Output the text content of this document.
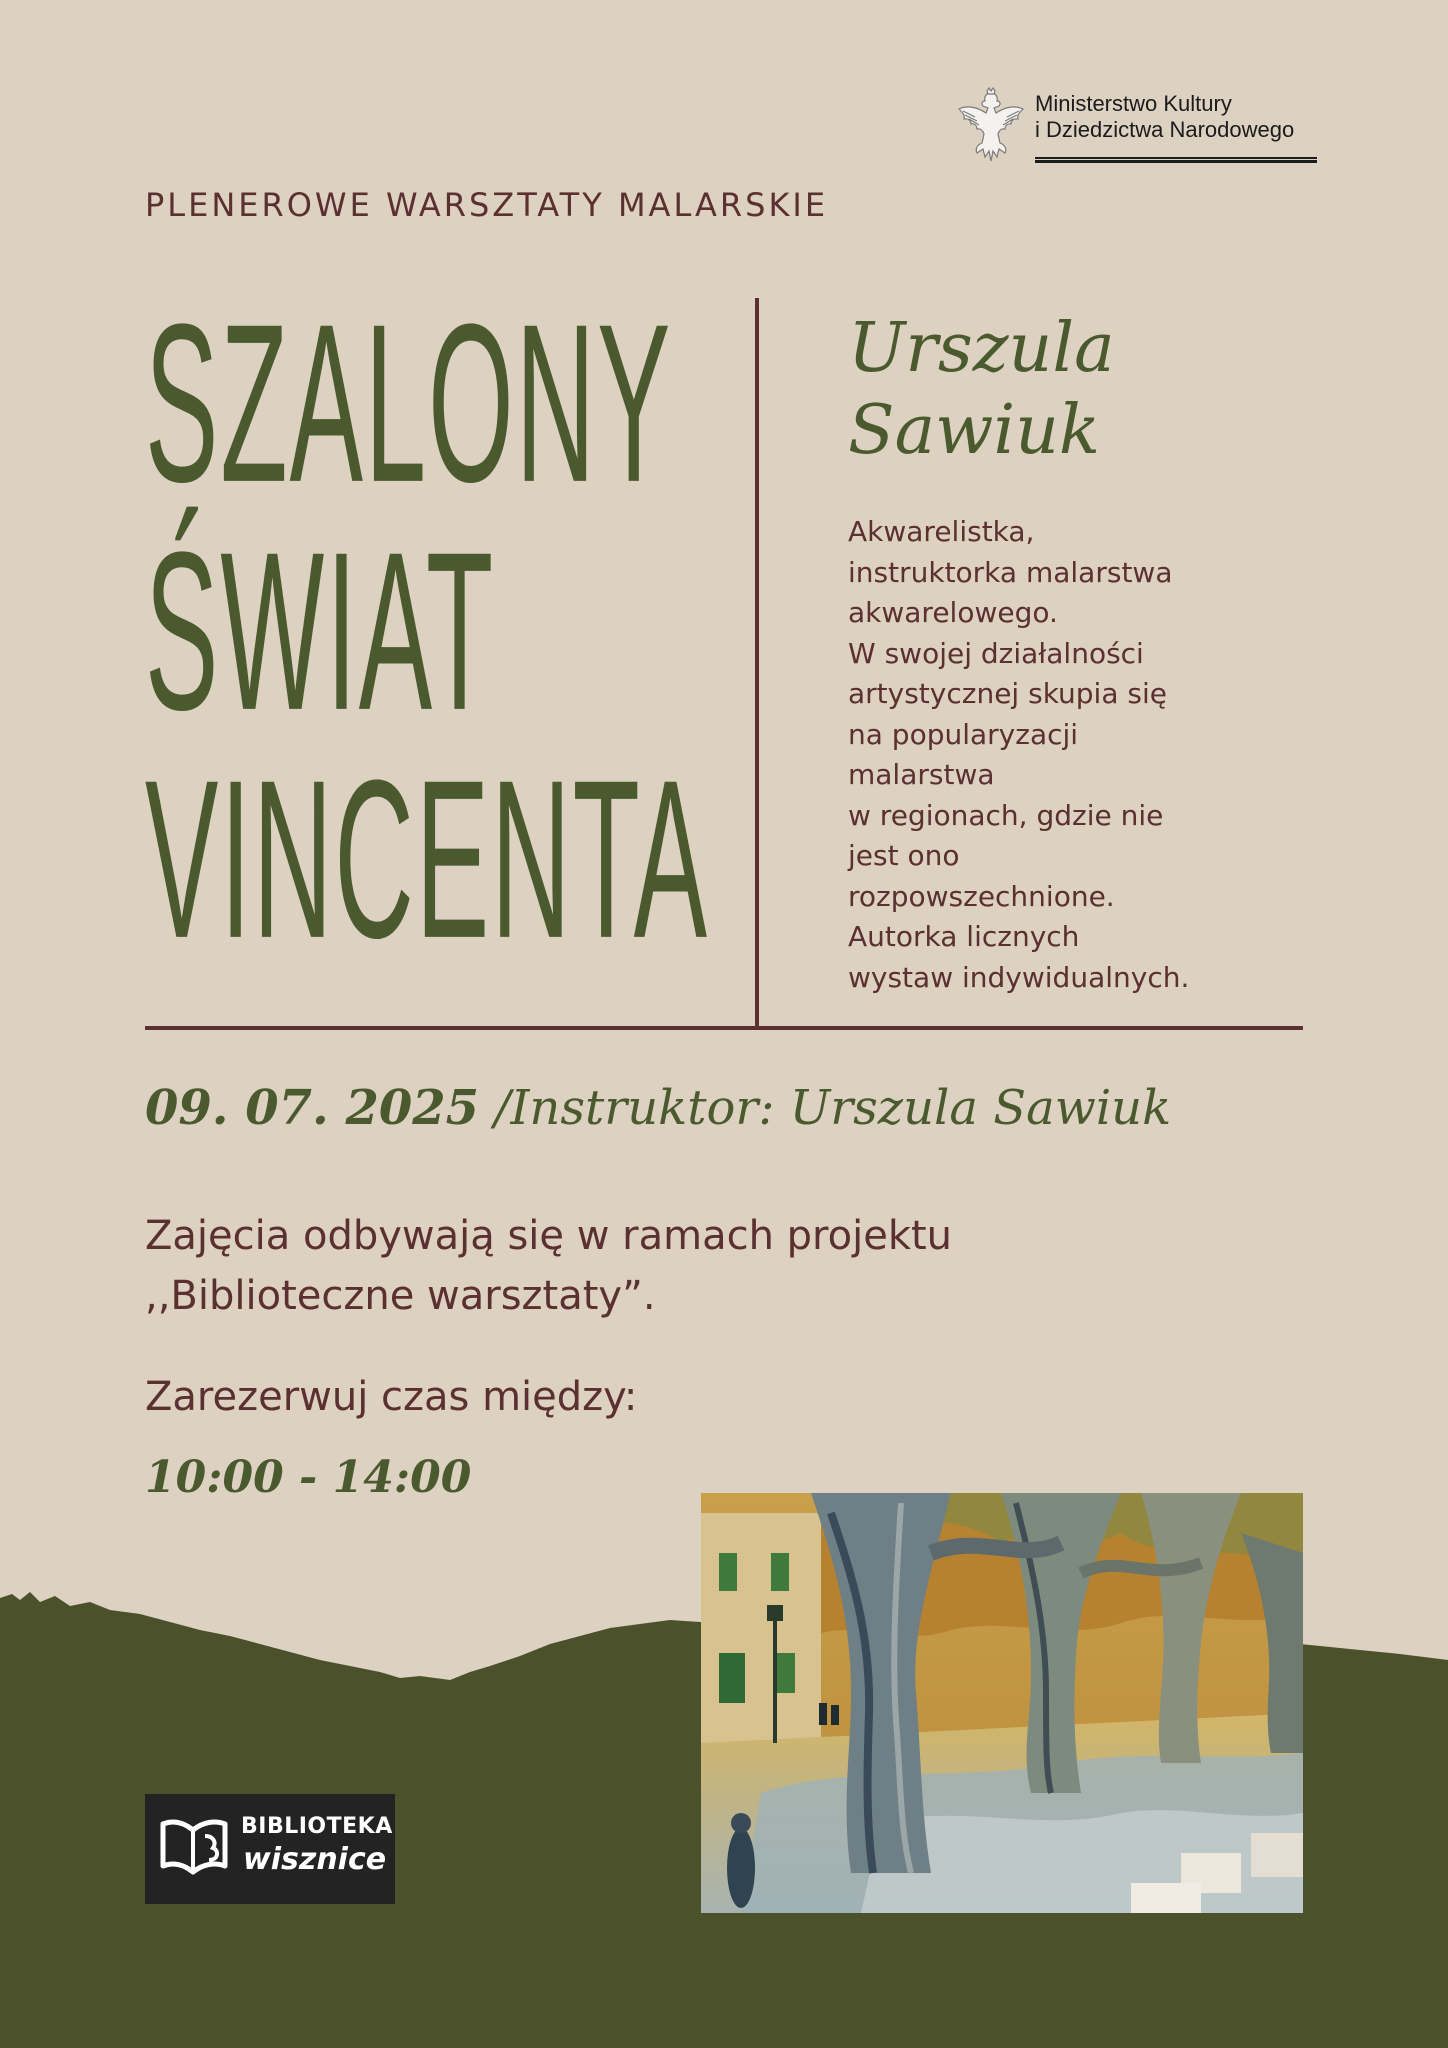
Ministerstwo Kultury
i Dziedzictwa Narodowego
PLENEROWE WARSZTATY MALARSKIE
SZALONY
ŚWIAT
VINCENTA
Urszula
Sawiuk
Akwarelistka,
instruktorka malarstwa
akwarelowego.
W swojej działalności
artystycznej skupia się
na popularyzacji
malarstwa
w regionach, gdzie nie
jest ono
rozpowszechnione.
Autorka licznych
wystaw indywidualnych.
09. 07. 2025 /Instruktor: Urszula Sawiuk
Zajęcia odbywają się w ramach projektu
,,Biblioteczne warsztaty”.
Zarezerwuj czas między:
10:00 - 14:00
BIBLIOTEKA
wisznice
